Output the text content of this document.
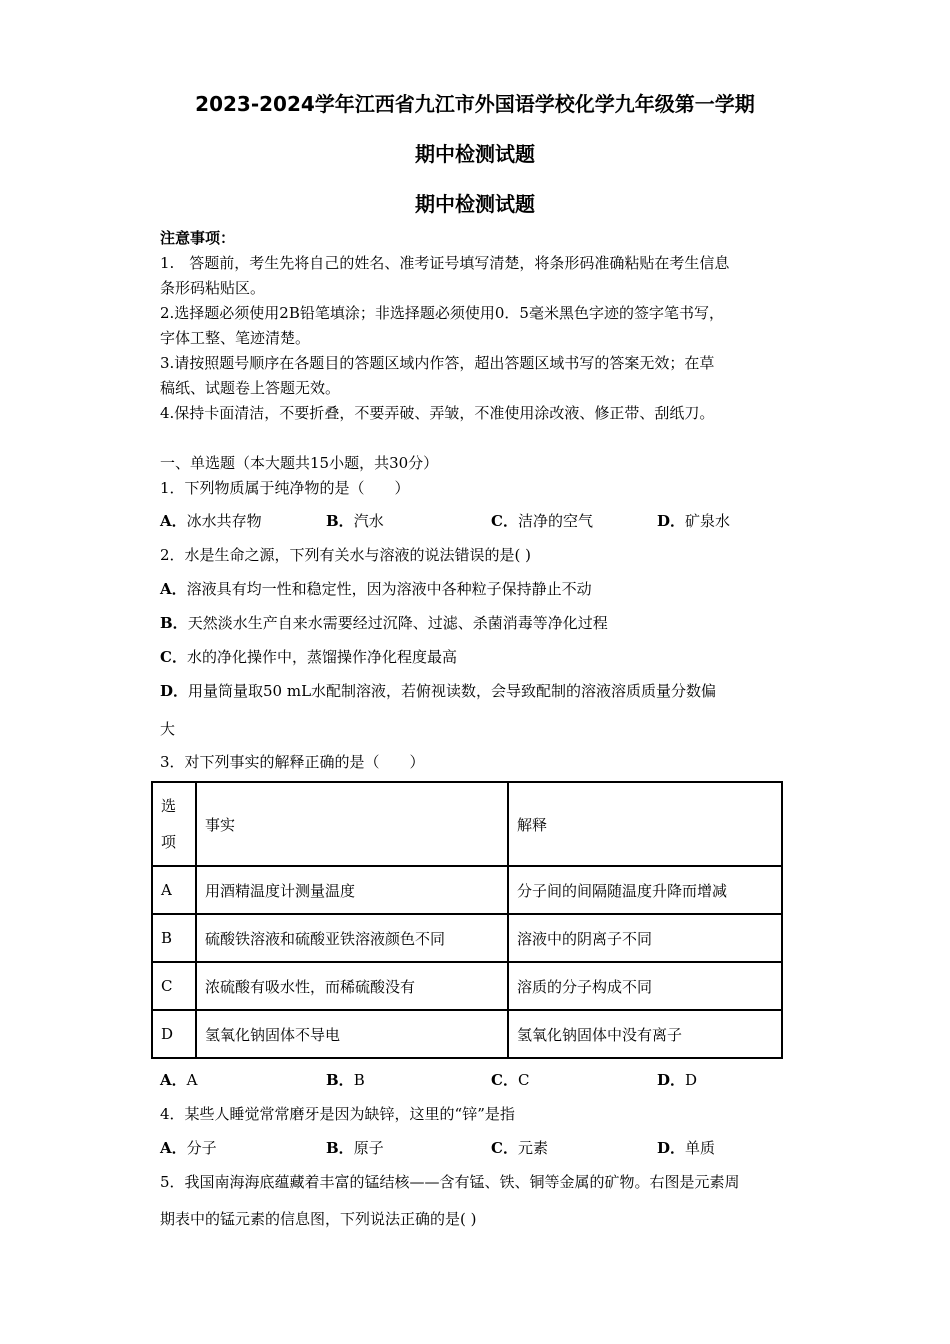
2023-2024学年江西省九江市外国语学校化学九年级第一学期
期中检测试题
期中检测试题
注意事项：
1.　答题前，考生先将自己的姓名、准考证号填写清楚，将条形码准确粘贴在考生信息
条形码粘贴区。
2.选择题必须使用2B铅笔填涂；非选择题必须使用0．5毫米黑色字迹的签字笔书写，
字体工整、笔迹清楚。
3.请按照题号顺序在各题目的答题区域内作答，超出答题区域书写的答案无效；在草
稿纸、试题卷上答题无效。
4.保持卡面清洁，不要折叠，不要弄破、弄皱，不准使用涂改液、修正带、刮纸刀。
一、单选题（本大题共15小题，共30分）
1．下列物质属于纯净物的是（　　）
A．冰水共存物	B．汽水	C．洁净的空气	D．矿泉水
2．水是生命之源，下列有关水与溶液的说法错误的是( )
A．溶液具有均一性和稳定性，因为溶液中各种粒子保持静止不动
B．天然淡水生产自来水需要经过沉降、过滤、杀菌消毒等净化过程
C．水的净化操作中，蒸馏操作净化程度最高
D．用量筒量取50 mL水配制溶液，若俯视读数，会导致配制的溶液溶质质量分数偏
大
3．对下列事实的解释正确的是（　　）
选
项	事实	解释
A	用酒精温度计测量温度	分子间的间隔随温度升降而增减
B	硫酸铁溶液和硫酸亚铁溶液颜色不同	溶液中的阴离子不同
C	浓硫酸有吸水性，而稀硫酸没有	溶质的分子构成不同
D	氢氧化钠固体不导电	氢氧化钠固体中没有离子
A．A	B．B	C．C	D．D
4．某些人睡觉常常磨牙是因为缺锌，这里的“锌”是指
A．分子	B．原子	C．元素	D．单质
5．我国南海海底蕴藏着丰富的锰结核——含有锰、铁、铜等金属的矿物。右图是元素周
期表中的锰元素的信息图，下列说法正确的是( )
